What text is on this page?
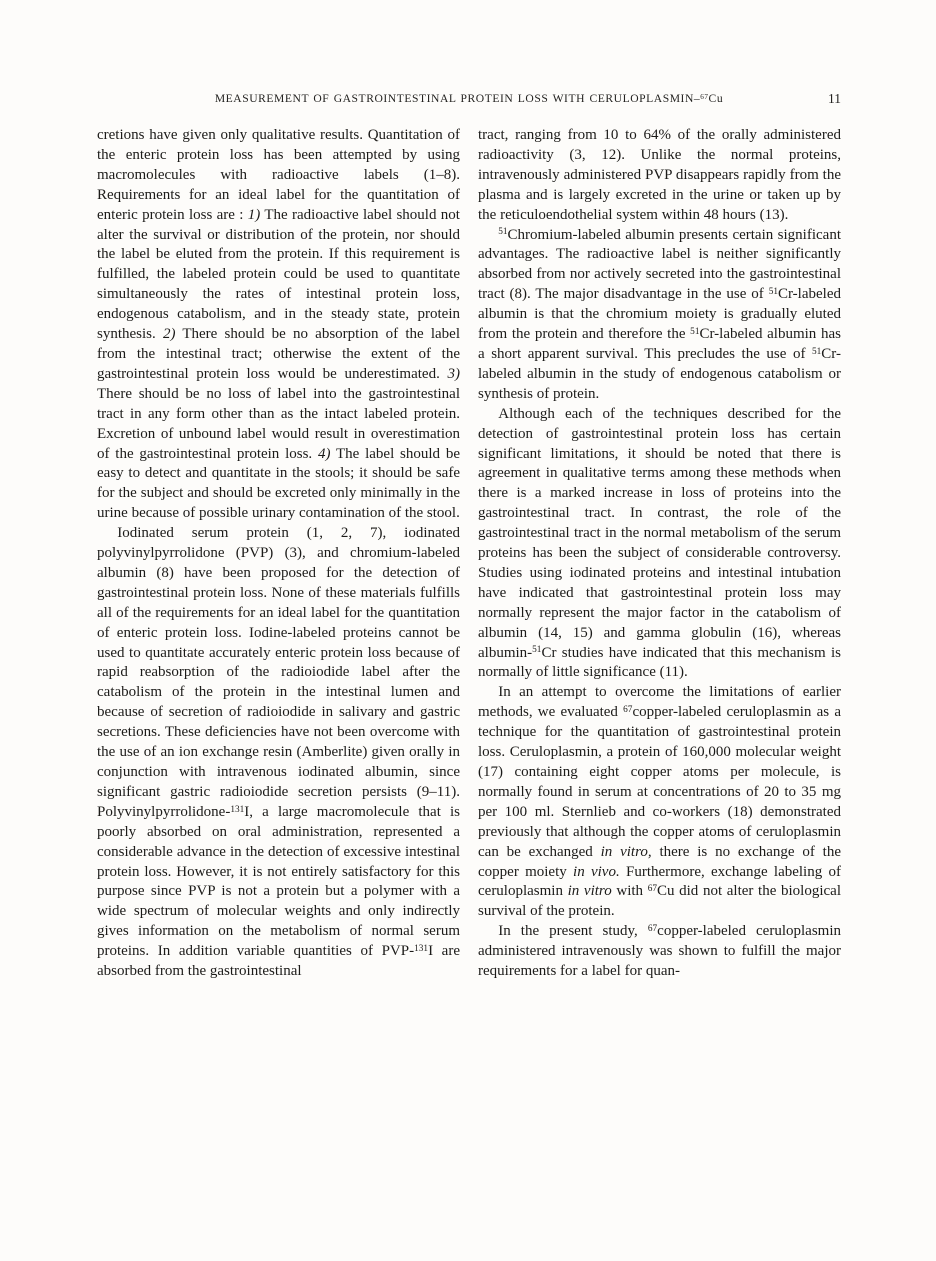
MEASUREMENT OF GASTROINTESTINAL PROTEIN LOSS WITH CERULOPLASMIN–$^{67}$Cu	11

cretions have given only qualitative results. Quantitation of the enteric protein loss has been attempted by using macromolecules with radioactive labels (1–8). Requirements for an ideal label for the quantitation of enteric protein loss are : 1) The radioactive label should not alter the survival or distribution of the protein, nor should the label be eluted from the protein. If this requirement is fulfilled, the labeled protein could be used to quantitate simultaneously the rates of intestinal protein loss, endogenous catabolism, and in the steady state, protein synthesis. 2) There should be no absorption of the label from the intestinal tract; otherwise the extent of the gastrointestinal protein loss would be underestimated. 3) There should be no loss of label into the gastrointestinal tract in any form other than as the intact labeled protein. Excretion of unbound label would result in overestimation of the gastrointestinal protein loss. 4) The label should be easy to detect and quantitate in the stools; it should be safe for the subject and should be excreted only minimally in the urine because of possible urinary contamination of the stool.

Iodinated serum protein (1, 2, 7), iodinated polyvinylpyrrolidone (PVP) (3), and chromium-labeled albumin (8) have been proposed for the detection of gastrointestinal protein loss. None of these materials fulfills all of the requirements for an ideal label for the quantitation of enteric protein loss. Iodine-labeled proteins cannot be used to quantitate accurately enteric protein loss because of rapid reabsorption of the radioiodide label after the catabolism of the protein in the intestinal lumen and because of secretion of radioiodide in salivary and gastric secretions. These deficiencies have not been overcome with the use of an ion exchange resin (Amberlite) given orally in conjunction with intravenous iodinated albumin, since significant gastric radioiodide secretion persists (9–11). Polyvinylpyrrolidone-$^{131}$I, a large macromolecule that is poorly absorbed on oral administration, represented a considerable advance in the detection of excessive intestinal protein loss. However, it is not entirely satisfactory for this purpose since PVP is not a protein but a polymer with a wide spectrum of molecular weights and only indirectly gives information on the metabolism of normal serum proteins. In addition variable quantities of PVP-$^{131}$I are absorbed from the gastrointestinal

tract, ranging from 10 to 64% of the orally administered radioactivity (3, 12). Unlike the normal proteins, intravenously administered PVP disappears rapidly from the plasma and is largely excreted in the urine or taken up by the reticuloendothelial system within 48 hours (13).

$^{51}$Chromium-labeled albumin presents certain significant advantages. The radioactive label is neither significantly absorbed from nor actively secreted into the gastrointestinal tract (8). The major disadvantage in the use of $^{51}$Cr-labeled albumin is that the chromium moiety is gradually eluted from the protein and therefore the $^{51}$Cr-labeled albumin has a short apparent survival. This precludes the use of $^{51}$Cr-labeled albumin in the study of endogenous catabolism or synthesis of protein.

Although each of the techniques described for the detection of gastrointestinal protein loss has certain significant limitations, it should be noted that there is agreement in qualitative terms among these methods when there is a marked increase in loss of proteins into the gastrointestinal tract. In contrast, the role of the gastrointestinal tract in the normal metabolism of the serum proteins has been the subject of considerable controversy. Studies using iodinated proteins and intestinal intubation have indicated that gastrointestinal protein loss may normally represent the major factor in the catabolism of albumin (14, 15) and gamma globulin (16), whereas albumin-$^{51}$Cr studies have indicated that this mechanism is normally of little significance (11).

In an attempt to overcome the limitations of earlier methods, we evaluated $^{67}$copper-labeled ceruloplasmin as a technique for the quantitation of gastrointestinal protein loss. Ceruloplasmin, a protein of 160,000 molecular weight (17) containing eight copper atoms per molecule, is normally found in serum at concentrations of 20 to 35 mg per 100 ml. Sternlieb and co-workers (18) demonstrated previously that although the copper atoms of ceruloplasmin can be exchanged in vitro, there is no exchange of the copper moiety in vivo. Furthermore, exchange labeling of ceruloplasmin in vitro with $^{67}$Cu did not alter the biological survival of the protein.

In the present study, $^{67}$copper-labeled ceruloplasmin administered intravenously was shown to fulfill the major requirements for a label for quan-
